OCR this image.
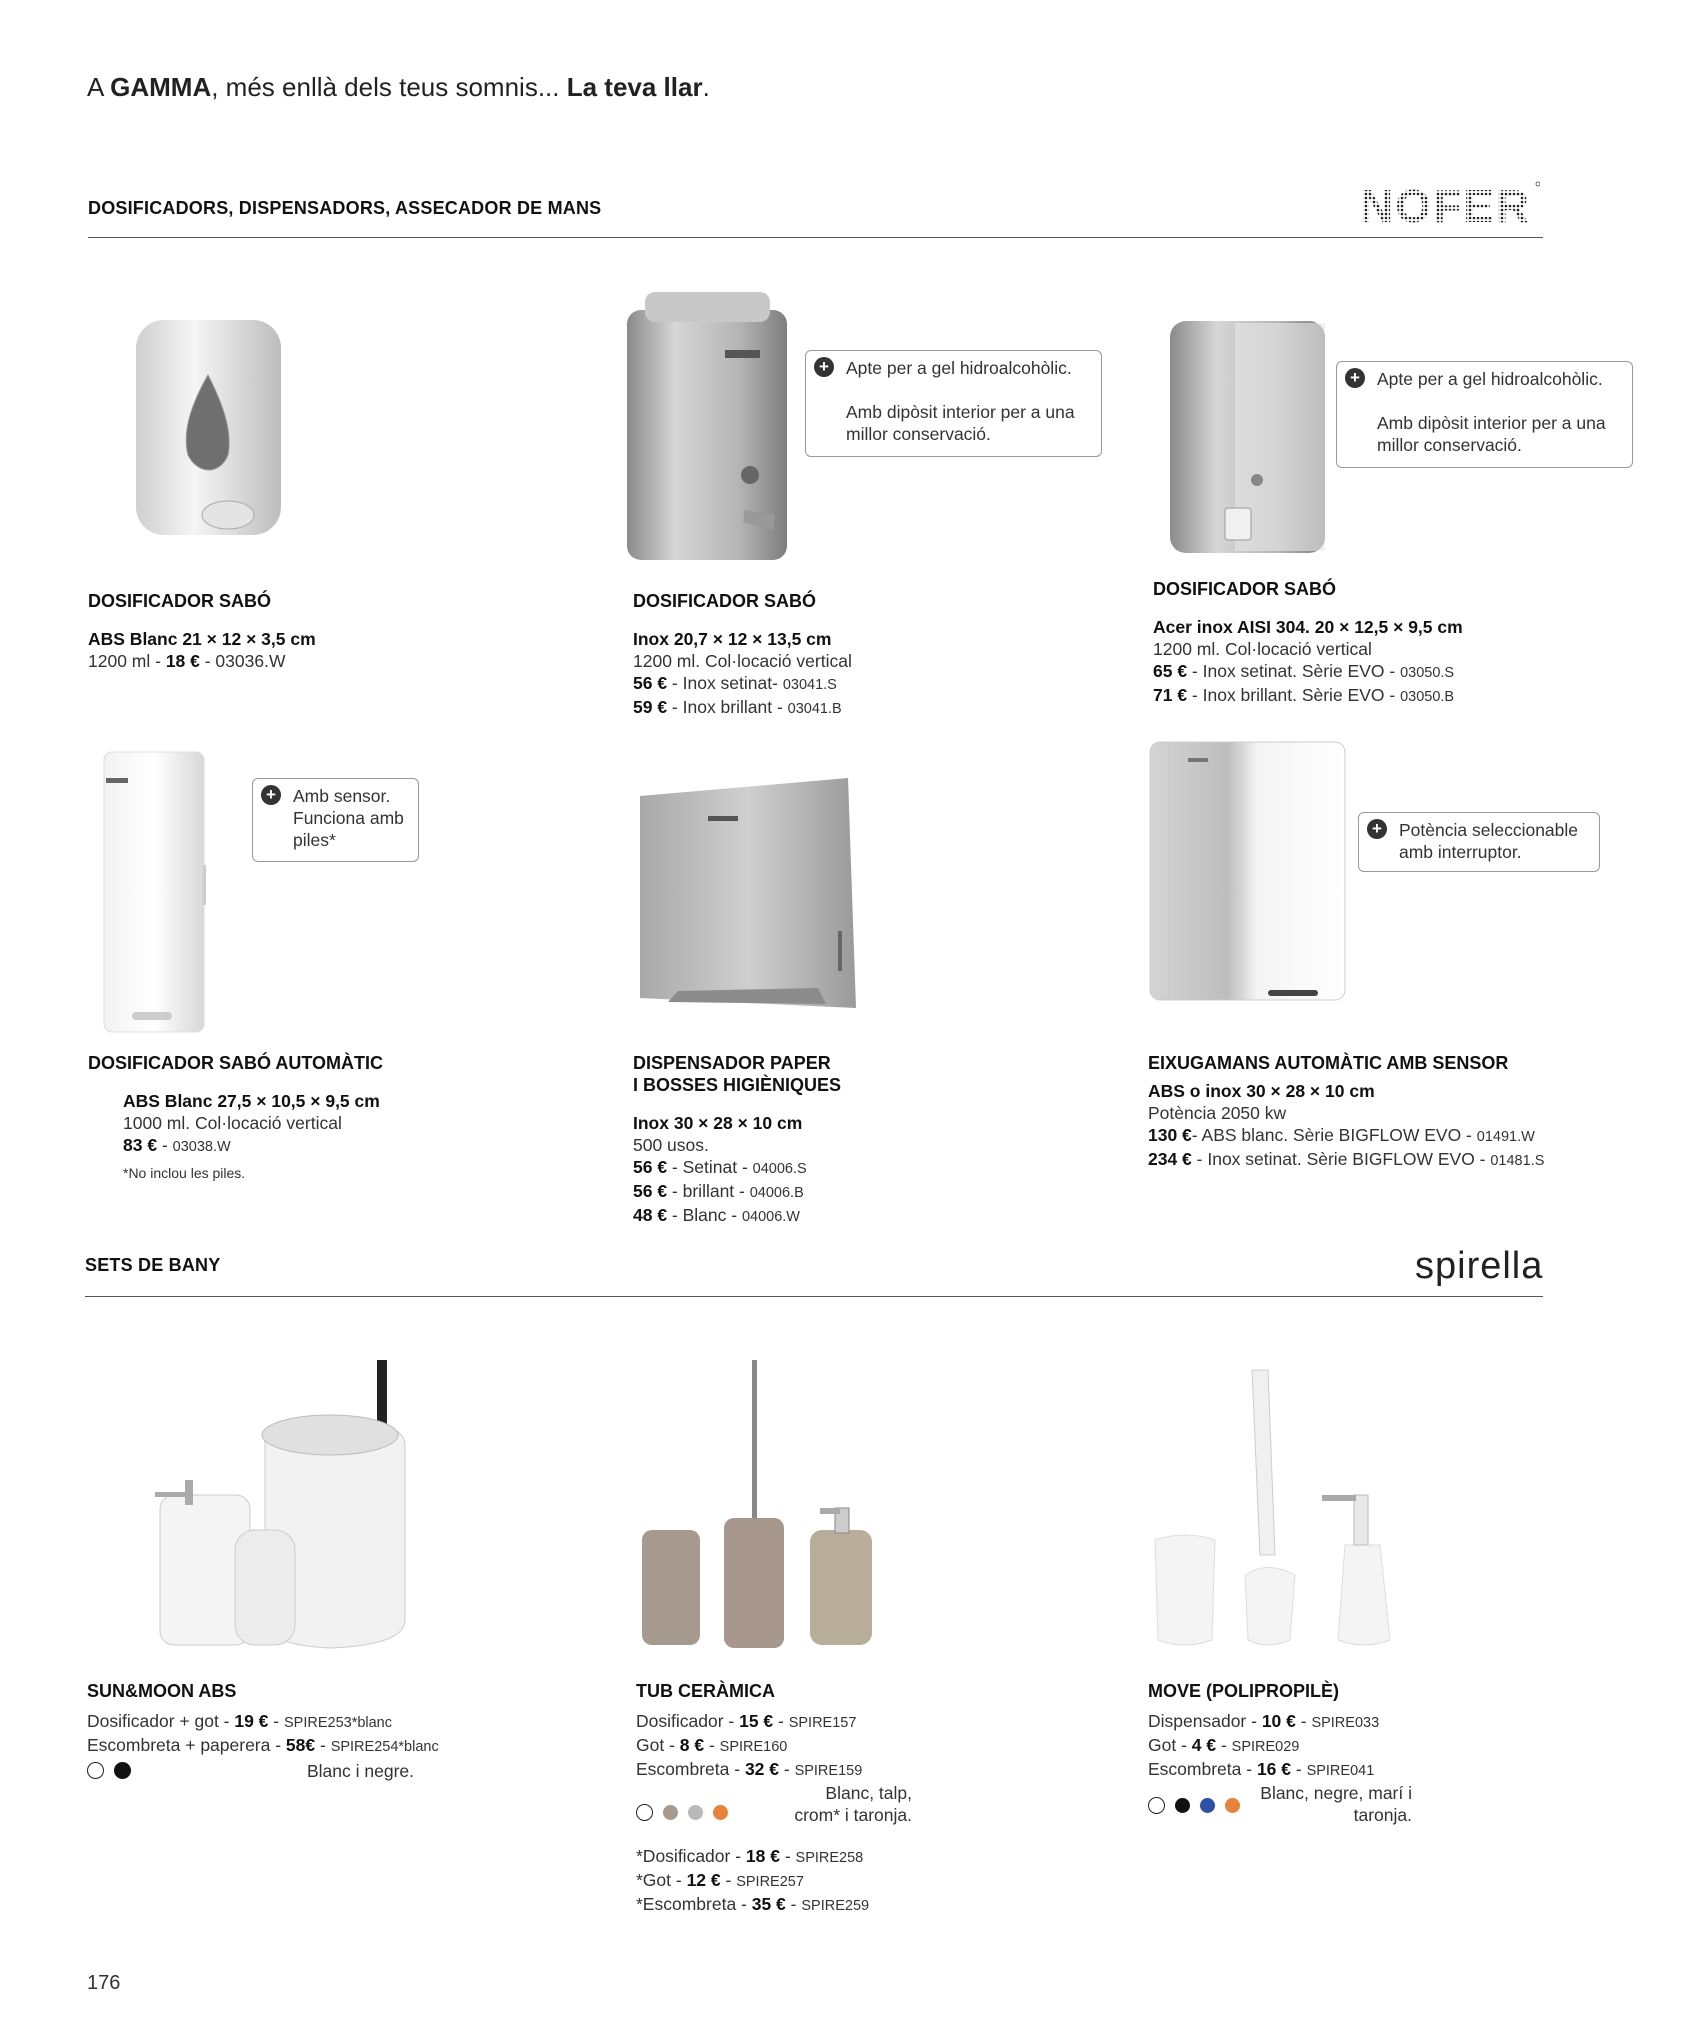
A GAMMA, més enllà dels teus somnis... La teva llar.
DOSIFICADORS, DISPENSADORS, ASSECADOR DE MANS	NOFER
DOSIFICADOR SABÓ
ABS Blanc 21 × 12 × 3,5 cm
1200 ml - 18 € - 03036.W
+ Apte per a gel hidroalcohòlic.
Amb dipòsit interior per a una millor conservació.
DOSIFICADOR SABÓ
Inox 20,7 × 12 × 13,5 cm
1200 ml. Col·locació vertical
56 € - Inox setinat- 03041.S
59 € - Inox brillant - 03041.B
+ Apte per a gel hidroalcohòlic.
Amb dipòsit interior per a una millor conservació.
DOSIFICADOR SABÓ
Acer inox AISI 304. 20 × 12,5 × 9,5 cm
1200 ml. Col·locació vertical
65 € - Inox setinat. Sèrie EVO - 03050.S
71 € - Inox brillant. Sèrie EVO - 03050.B
+ Amb sensor. Funciona amb piles*
DOSIFICADOR SABÓ AUTOMÀTIC
ABS Blanc 27,5 × 10,5 × 9,5 cm
1000 ml. Col·locació vertical
83 € - 03038.W
*No inclou les piles.
DISPENSADOR PAPER
I BOSSES HIGIÈNIQUES
Inox 30 × 28 × 10 cm
500 usos.
56 € - Setinat - 04006.S
56 € - brillant - 04006.B
48 € - Blanc - 04006.W
+ Potència seleccionable amb interruptor.
EIXUGAMANS AUTOMÀTIC AMB SENSOR
ABS o inox 30 × 28 × 10 cm
Potència 2050 kw
130 €- ABS blanc. Sèrie BIGFLOW EVO - 01491.W
234 € - Inox setinat. Sèrie BIGFLOW EVO - 01481.S
SETS DE BANY	spirella
SUN&MOON ABS
Dosificador + got - 19 € - SPIRE253*blanc
Escombreta + paperera - 58€ - SPIRE254*blanc
Blanc i negre.
TUB CERÀMICA
Dosificador - 15 € - SPIRE157
Got - 8 € - SPIRE160
Escombreta - 32 € - SPIRE159
Blanc, talp,
crom* i taronja.
*Dosificador - 18 € - SPIRE258
*Got - 12 € - SPIRE257
*Escombreta - 35 € - SPIRE259
MOVE (POLIPROPILÈ)
Dispensador - 10 € - SPIRE033
Got - 4 € - SPIRE029
Escombreta - 16 € - SPIRE041
Blanc, negre, marí i
taronja.
176
